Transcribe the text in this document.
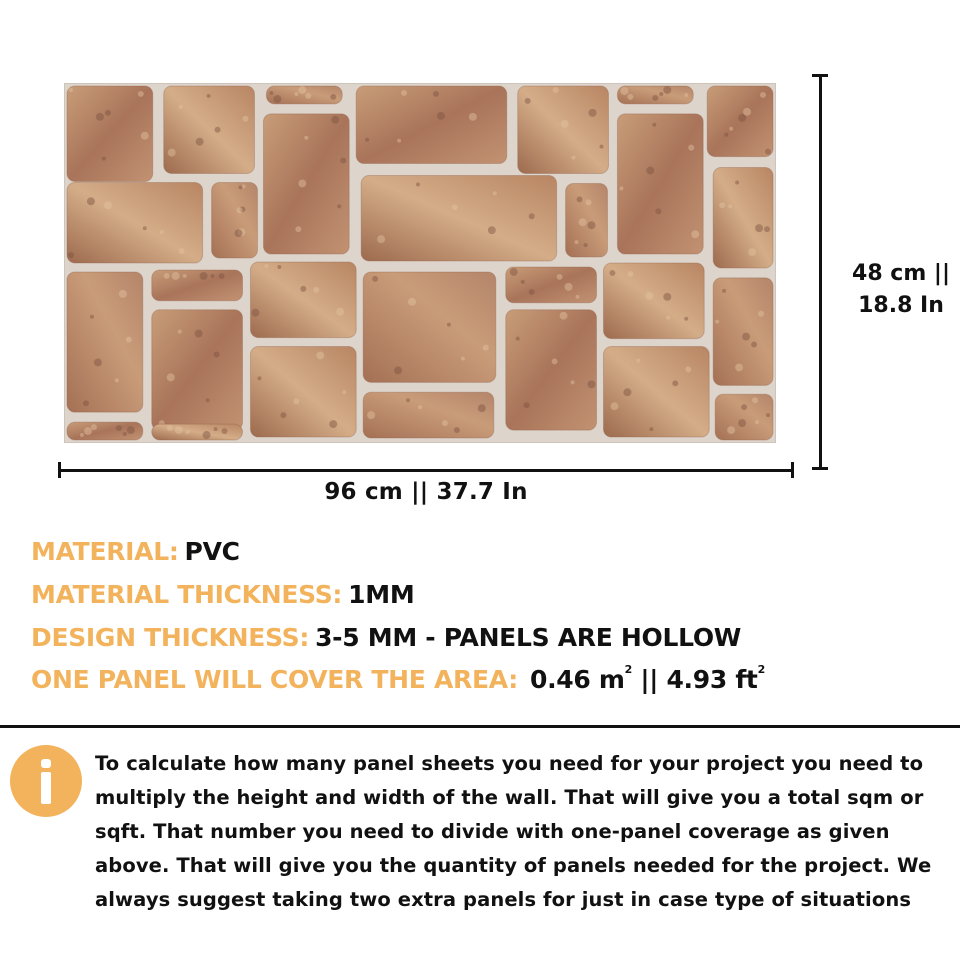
96 cm || 37.7 In
48 cm ||
18.8 In
MATERIAL: PVC
MATERIAL THICKNESS: 1MM
DESIGN THICKNESS: 3-5 MM - PANELS ARE HOLLOW
ONE PANEL WILL COVER THE AREA: 0.46 $m^2$ || 4.93 $ft^2$
To calculate how many panel sheets you need for your project you need to multiply the height and width of the wall. That will give you a total sqm or sqft. That number you need to divide with one-panel coverage as given above. That will give you the quantity of panels needed for the project. We always suggest taking two extra panels for just in case type of situations
